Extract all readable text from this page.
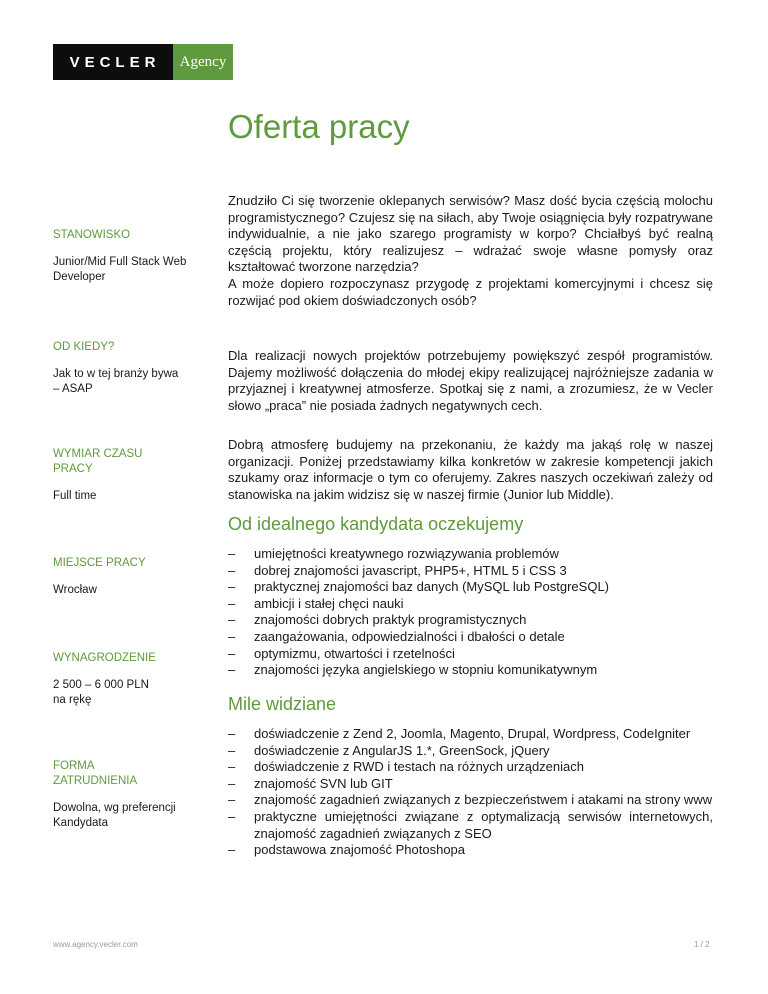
VECLER	Agency
Oferta pracy
STANOWISKO
Junior/Mid Full Stack Web Developer
OD KIEDY?
Jak to w tej branży bywa – ASAP
WYMIAR CZASU PRACY
Full time
MIEJSCE PRACY
Wrocław
WYNAGRODZENIE
2 500 – 6 000 PLN na rękę
FORMA ZATRUDNIENIA
Dowolna, wg preferencji Kandydata

Znudziło Ci się tworzenie oklepanych serwisów? Masz dość bycia częścią molochu programistycznego? Czujesz się na siłach, aby Twoje osiągnięcia były rozpatrywane indywidualnie, a nie jako szarego programisty w korpo? Chciałbyś być realną częścią projektu, który realizujesz – wdrażać swoje własne pomysły oraz kształtować tworzone narzędzia?

A może dopiero rozpoczynasz przygodę z projektami komercyjnymi i chcesz się rozwijać pod okiem doświadczonych osób?

Dla realizacji nowych projektów potrzebujemy powiększyć zespół programistów. Dajemy możliwość dołączenia do młodej ekipy realizującej najróżniejsze zadania w przyjaznej i kreatywnej atmosferze. Spotkaj się z nami, a zrozumiesz, że w Vecler słowo „praca” nie posiada żadnych negatywnych cech.

Dobrą atmosferę budujemy na przekonaniu, że każdy ma jakąś rolę w naszej organizacji. Poniżej przedstawiamy kilka konkretów w zakresie kompetencji jakich szukamy oraz informacje o tym co oferujemy. Zakres naszych oczekiwań zależy od stanowiska na jakim widzisz się w naszej firmie (Junior lub Middle).

Od idealnego kandydata oczekujemy
– umiejętności kreatywnego rozwiązywania problemów
– dobrej znajomości javascript, PHP5+, HTML 5 i CSS 3
– praktycznej znajomości baz danych (MySQL lub PostgreSQL)
– ambicji i stałej chęci nauki
– znajomości dobrych praktyk programistycznych
– zaangażowania, odpowiedzialności i dbałości o detale
– optymizmu, otwartości i rzetelności
– znajomości języka angielskiego w stopniu komunikatywnym
Mile widziane
– doświadczenie z Zend 2, Joomla, Magento, Drupal, Wordpress, CodeIgniter
– doświadczenie z AngularJS 1.*, GreenSock, jQuery
– doświadczenie z RWD i testach na różnych urządzeniach
– znajomość SVN lub GIT
– znajomość zagadnień związanych z bezpieczeństwem i atakami na strony www
– praktyczne umiejętności związane z optymalizacją serwisów internetowych, znajomość zagadnień związanych z SEO
– podstawowa znajomość Photoshopa
www.agency.vecler.com	1 / 2
